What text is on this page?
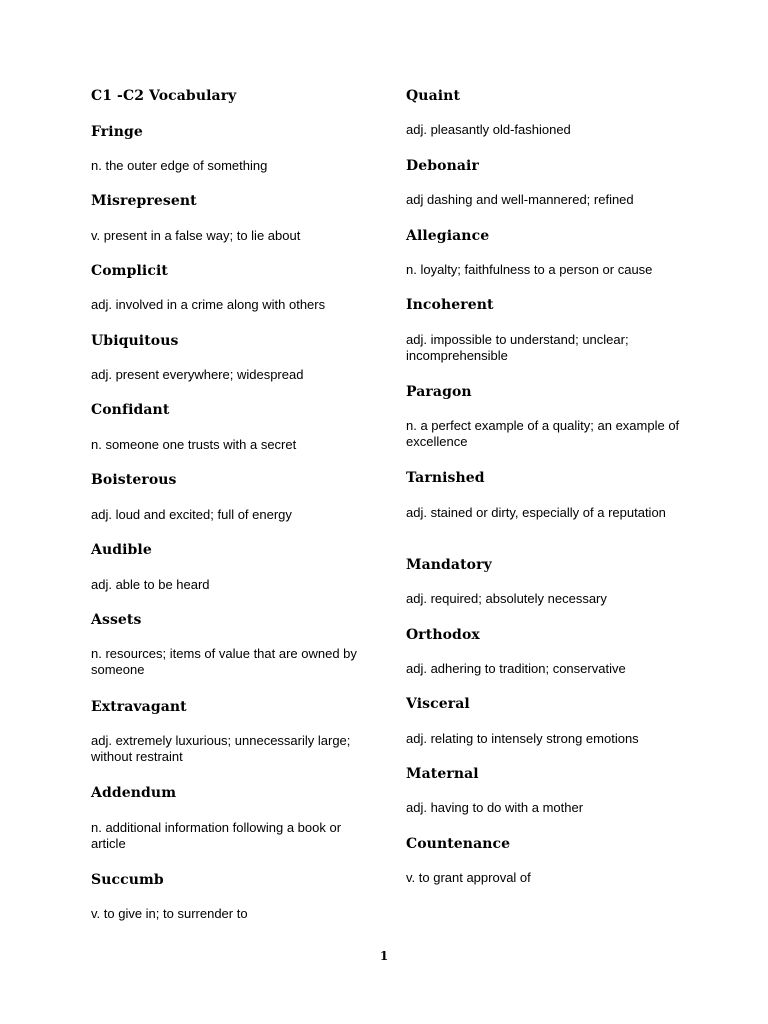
C1 -C2 Vocabulary
Fringe
n. the outer edge of something
Misrepresent
v. present in a false way; to lie about
Complicit
adj. involved in a crime along with others
Ubiquitous
adj. present everywhere; widespread
Confidant
n. someone one trusts with a secret
Boisterous
adj. loud and excited; full of energy
Audible
adj. able to be heard
Assets
n. resources; items of value that are owned by someone
Extravagant
adj. extremely luxurious; unnecessarily large; without restraint
Addendum
n. additional information following a book or article
Succumb
v. to give in; to surrender to
Quaint
adj. pleasantly old-fashioned
Debonair
adj dashing and well-mannered; refined
Allegiance
n. loyalty; faithfulness to a person or cause
Incoherent
adj. impossible to understand; unclear; incomprehensible
Paragon
n. a perfect example of a quality; an example of excellence
Tarnished
adj. stained or dirty, especially of a reputation
Mandatory
adj. required; absolutely necessary
Orthodox
adj. adhering to tradition; conservative
Visceral
adj. relating to intensely strong emotions
Maternal
adj. having to do with a mother
Countenance
v. to grant approval of
1
